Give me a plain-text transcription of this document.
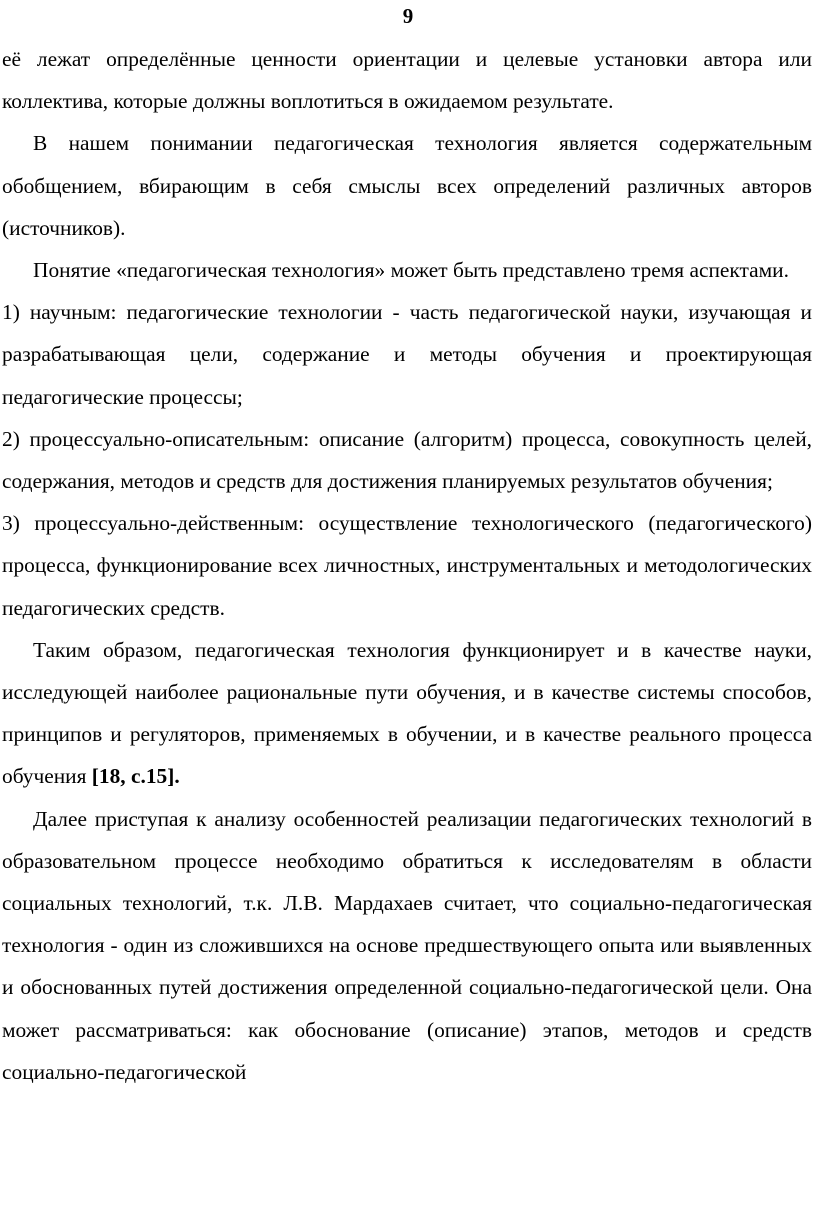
9

её лежат определённые ценности ориентации и целевые установки автора или коллектива, которые должны воплотиться в ожидаемом результате.

В нашем понимании педагогическая технология является содержательным обобщением, вбирающим в себя смыслы всех определений различных авторов (источников).

Понятие «педагогическая технология» может быть представлено тремя аспектами.

1) научным: педагогические технологии - часть педагогической науки, изучающая и разрабатывающая цели, содержание и методы обучения и проектирующая педагогические процессы;

2) процессуально-описательным: описание (алгоритм) процесса, совокупность целей, содержания, методов и средств для достижения планируемых результатов обучения;

3) процессуально-действенным: осуществление технологического (педагогического) процесса, функционирование всех личностных, инструментальных и методологических педагогических средств.

Таким образом, педагогическая технология функционирует и в качестве науки, исследующей наиболее рациональные пути обучения, и в качестве системы способов, принципов и регуляторов, применяемых в обучении, и в качестве реального процесса обучения [18, с.15].

Далее приступая к анализу особенностей реализации педагогических технологий в образовательном процессе необходимо обратиться к исследователям в области социальных технологий, т.к. Л.В. Мардахаев считает, что социально-педагогическая технология - один из сложившихся на основе предшествующего опыта или выявленных и обоснованных путей достижения определенной социально-педагогической цели. Она может рассматриваться: как обоснование (описание) этапов, методов и средств социально-педагогической
